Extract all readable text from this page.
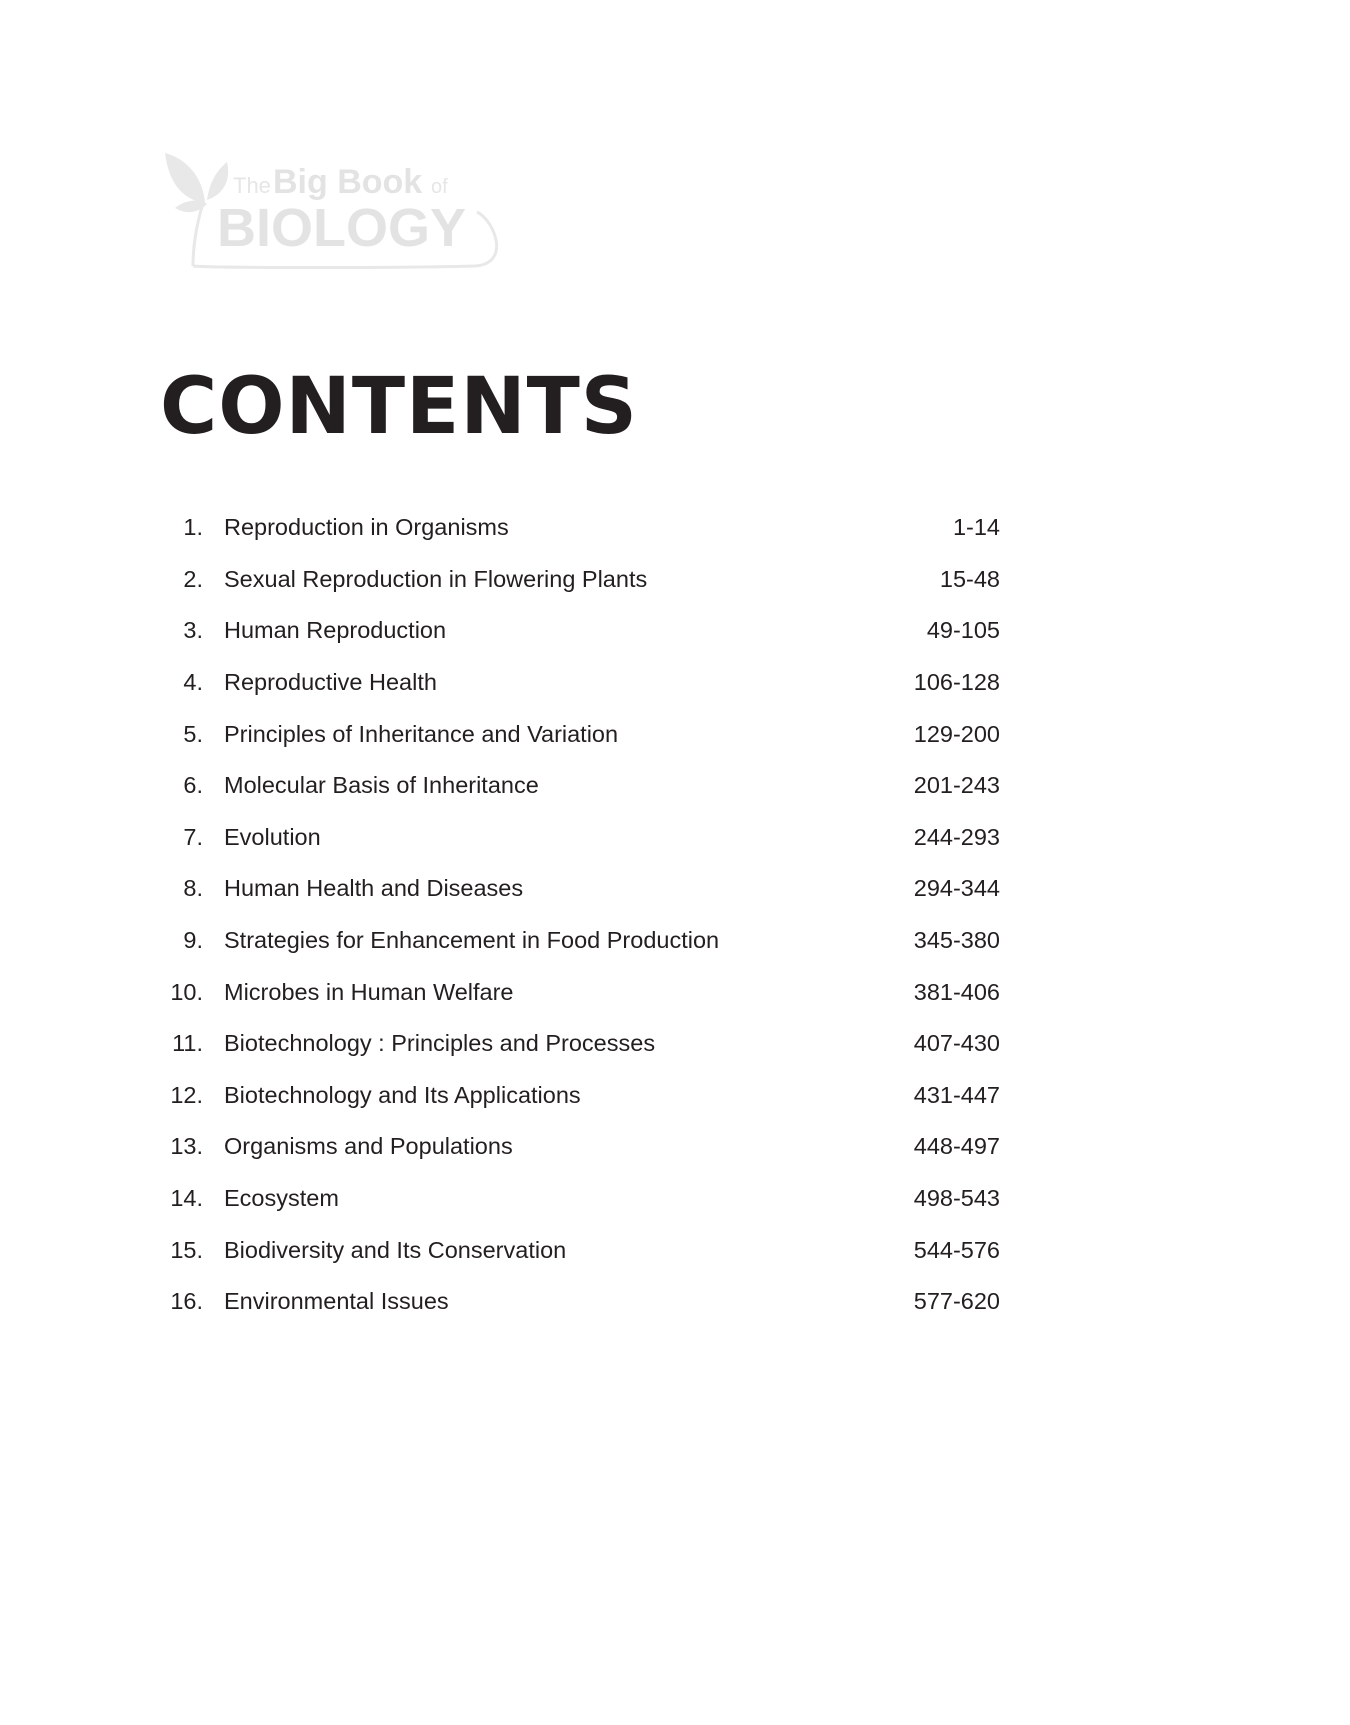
The Big Book of
BIOLOGY
CONTENTS
1. Reproduction in Organisms	1-14
2. Sexual Reproduction in Flowering Plants	15-48
3. Human Reproduction	49-105
4. Reproductive Health	106-128
5. Principles of Inheritance and Variation	129-200
6. Molecular Basis of Inheritance	201-243
7. Evolution	244-293
8. Human Health and Diseases	294-344
9. Strategies for Enhancement in Food Production	345-380
10. Microbes in Human Welfare	381-406
11. Biotechnology : Principles and Processes	407-430
12. Biotechnology and Its Applications	431-447
13. Organisms and Populations	448-497
14. Ecosystem	498-543
15. Biodiversity and Its Conservation	544-576
16. Environmental Issues	577-620
